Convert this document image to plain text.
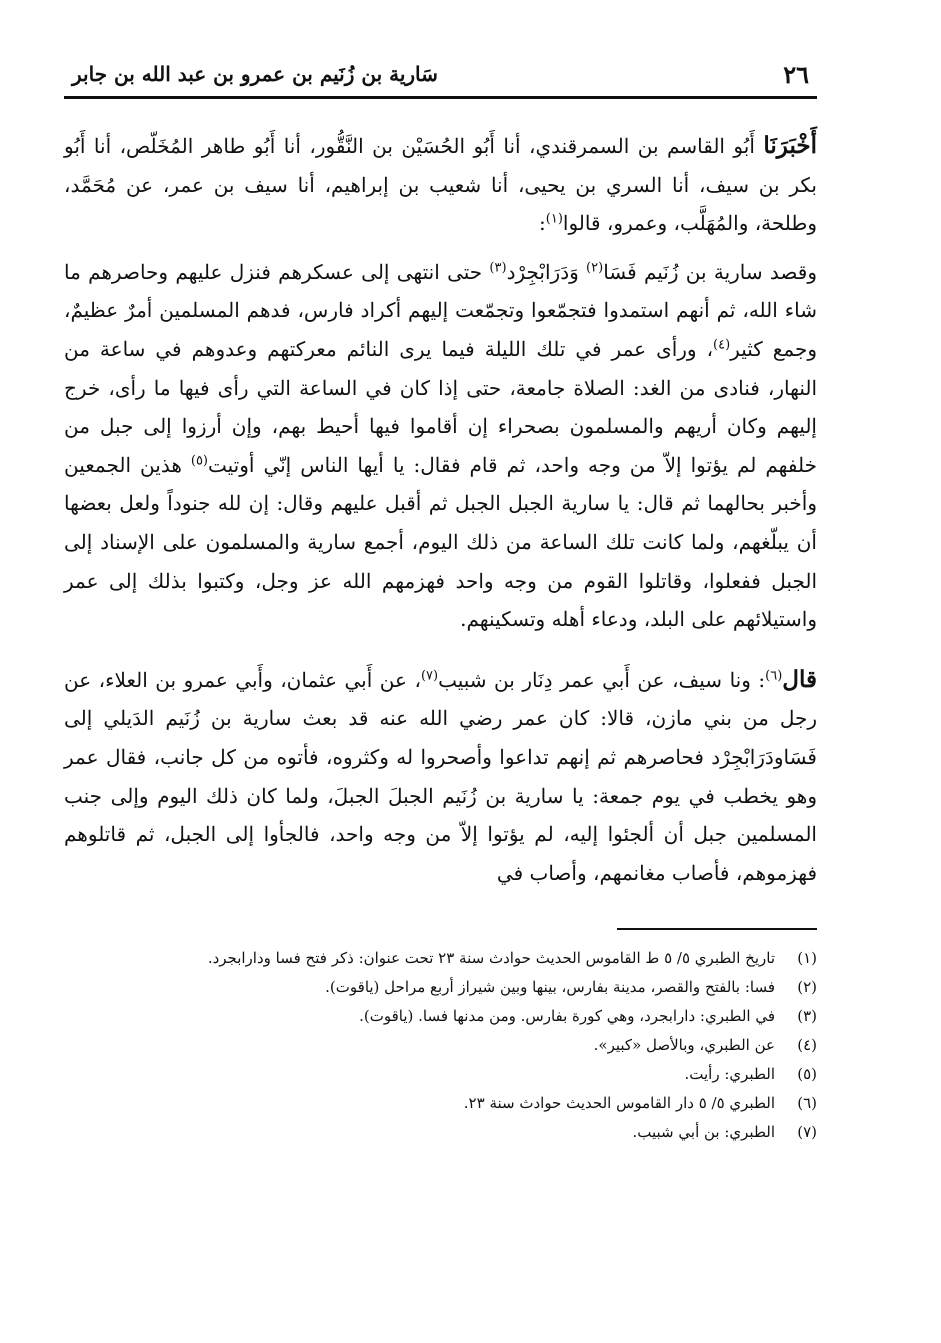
٢٦
سَارية بن زُنَيم بن عمرو بن عبد الله بن جابر

أَخْبَرَنَا أَبُو القاسم بن السمرقندي، أنا أَبُو الحُسَيْن بن النَّقُّور، أنا أَبُو طاهر المُخَلّص، أنا أَبُو بكر بن سيف، أنا السري بن يحيى، أنا شعيب بن إبراهيم، أنا سيف بن عمر، عن مُحَمَّد، وطلحة، والمُهَلَّب، وعمرو، قالوا$^{(١)}$:

وقصد سارية بن زُنَيم فَسَا$^{(٢)}$ وَدَرَابْجِرْد$^{(٣)}$ حتى انتهى إلى عسكرهم فنزل عليهم وحاصرهم ما شاء الله، ثم أنهم استمدوا فتجمّعوا وتجمّعت إليهم أكراد فارس، فدهم المسلمين أمرٌ عظيمٌ، وجمع كثير$^{(٤)}$، ورأى عمر في تلك الليلة فيما يرى النائم معركتهم وعدوهم في ساعة من النهار، فنادى من الغد: الصلاة جامعة، حتى إذا كان في الساعة التي رأى فيها ما رأى، خرج إليهم وكان أريهم والمسلمون بصحراء إن أقاموا فيها أحيط بهم، وإن أرزوا إلى جبل من خلفهم لم يؤتوا إلاّ من وجه واحد، ثم قام فقال: يا أيها الناس إنّي أوتيت$^{(٥)}$ هذين الجمعين وأخبر بحالهما ثم قال: يا سارية الجبل الجبل ثم أقبل عليهم وقال: إن لله جنوداً ولعل بعضها أن يبلّغهم، ولما كانت تلك الساعة من ذلك اليوم، أجمع سارية والمسلمون على الإسناد إلى الجبل ففعلوا، وقاتلوا القوم من وجه واحد فهزمهم الله عز وجل، وكتبوا بذلك إلى عمر واستيلائهم على البلد، ودعاء أهله وتسكينهم.

قال$^{(٦)}$: ونا سيف، عن أَبي عمر دِنَار بن شبيب$^{(٧)}$، عن أَبي عثمان، وأَبي عمرو بن العلاء، عن رجل من بني مازن، قالا: كان عمر رضي الله عنه قد بعث سارية بن زُنَيم الدَيلي إلى فَسَاودَرَابْجِرْد فحاصرهم ثم إنهم تداعوا وأصحروا له وكثروه، فأتوه من كل جانب، فقال عمر وهو يخطب في يوم جمعة: يا سارية بن زُنَيم الجبلَ الجبلَ، ولما كان ذلك اليوم وإلى جنب المسلمين جبل أن ألجئوا إليه، لم يؤتوا إلاّ من وجه واحد، فالجأوا إلى الجبل، ثم قاتلوهم فهزموهم، فأصاب مغانمهم، وأصاب في

(١)تاريخ الطبري ٥/ ٥ ط القاموس الحديث حوادث سنة ٢٣ تحت عنوان: ذكر فتح فسا ودارابجرد.
(٢)فسا: بالفتح والقصر، مدينة بفارس، بينها وبين شيراز أربع مراحل (ياقوت).
(٣)في الطبري: دارابجرد، وهي كورة بفارس. ومن مدنها فسا. (ياقوت).
(٤)عن الطبري، وبالأصل «كبير».
(٥)الطبري: رأيت.
(٦)الطبري ٥/ ٥ دار القاموس الحديث حوادث سنة ٢٣.
(٧)الطبري: بن أبي شبيب.
